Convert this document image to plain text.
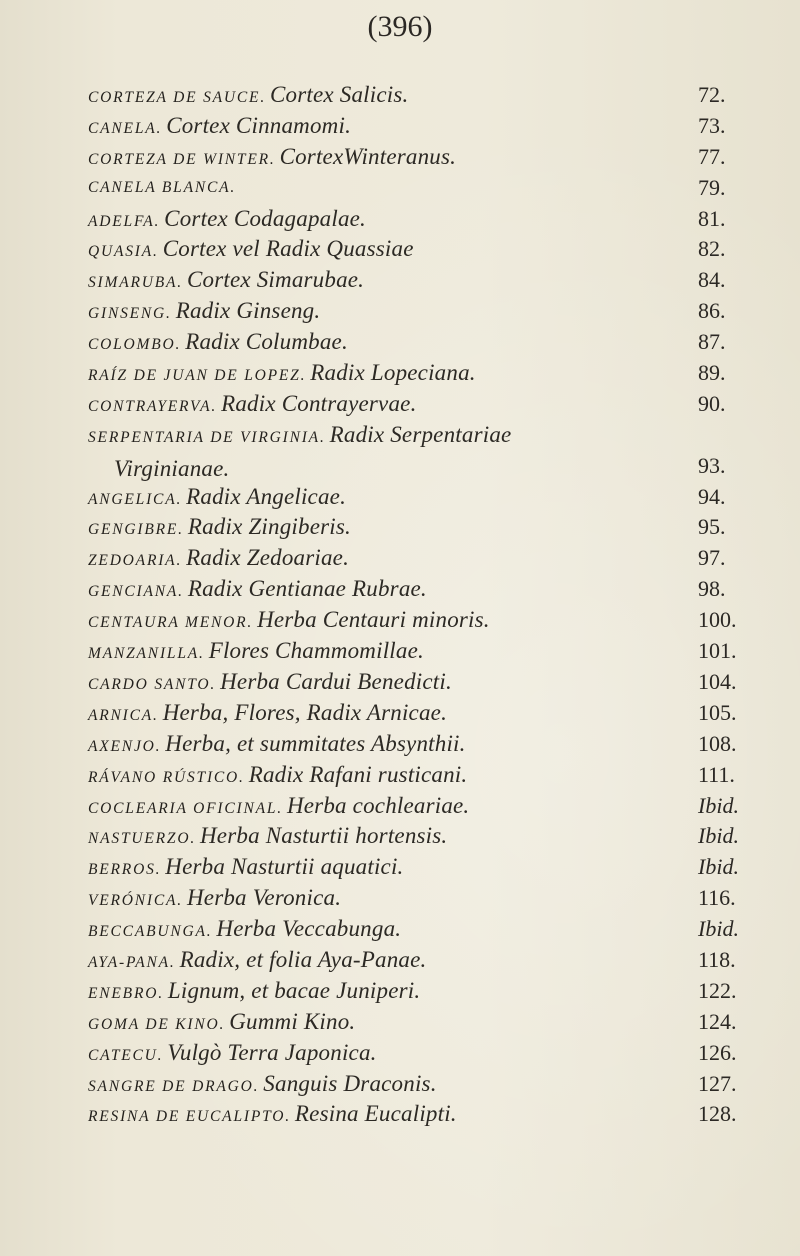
(396)
CORTEZA DE SAUCE. Cortex Salicis.	72.
CANELA. Cortex Cinnamomi.	73.
CORTEZA DE WINTER. CortexWinteranus.	77.
CANELA BLANCA.	79.
ADELFA. Cortex Codagapalae.	81.
QUASIA. Cortex vel Radix Quassiae	82.
SIMARUBA. Cortex Simarubae.	84.
GINSENG. Radix Ginseng.	86.
COLOMBO. Radix Columbae.	87.
RAÍZ DE JUAN DE LOPEZ. Radix Lopeciana.	89.
CONTRAYERVA. Radix Contrayervae.	90.
SERPENTARIA DE VIRGINIA. Radix Serpentariae
Virginianae.	93.
ANGELICA. Radix Angelicae.	94.
GENGIBRE. Radix Zingiberis.	95.
ZEDOARIA. Radix Zedoariae.	97.
GENCIANA. Radix Gentianae Rubrae.	98.
CENTAURA MENOR. Herba Centauri minoris.	100.
MANZANILLA. Flores Chammomillae.	101.
CARDO SANTO. Herba Cardui Benedicti.	104.
ARNICA. Herba, Flores, Radix Arnicae.	105.
AXENJO. Herba, et summitates Absynthii.	108.
RÁVANO RÚSTICO. Radix Rafani rusticani.	111.
COCLEARIA OFICINAL. Herba cochleariae.	Ibid.
NASTUERZO. Herba Nasturtii hortensis.	Ibid.
BERROS. Herba Nasturtii aquatici.	Ibid.
VERÓNICA. Herba Veronica.	116.
BECCABUNGA. Herba Veccabunga.	Ibid.
AYA-PANA. Radix, et folia Aya-Panae.	118.
ENEBRO. Lignum, et bacae Juniperi.	122.
GOMA DE KINO. Gummi Kino.	124.
CATECU. Vulgò Terra Japonica.	126.
SANGRE DE DRAGO. Sanguis Draconis.	127.
RESINA DE EUCALIPTO. Resina Eucalipti.	128.
